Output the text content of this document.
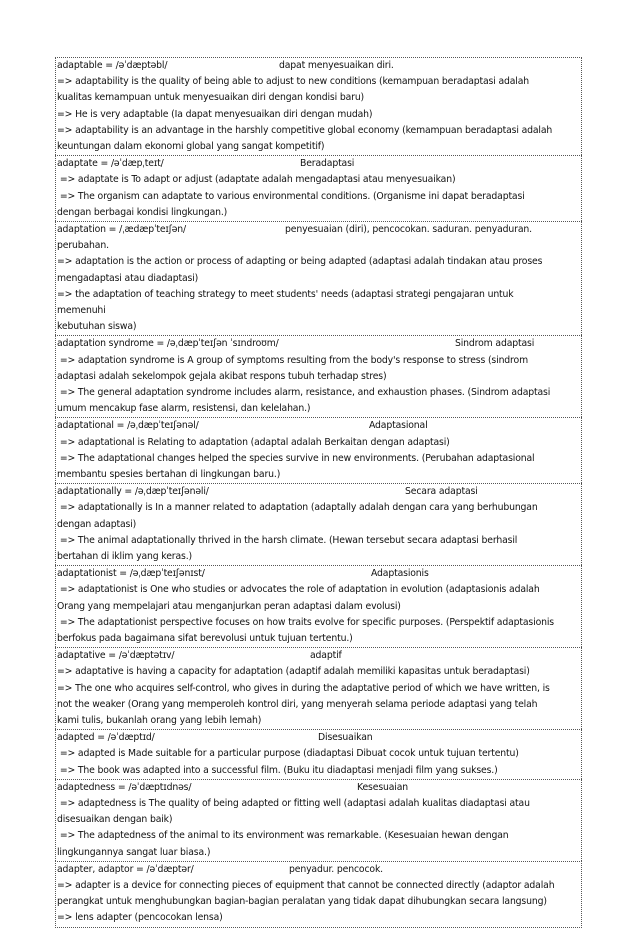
adaptable = /əˈdæptəbl/	dapat menyesuaikan diri.
=> adaptability is the quality of being able to adjust to new conditions (kemampuan beradaptasi adalah
kualitas kemampuan untuk menyesuaikan diri dengan kondisi baru)
=> He is very adaptable (Ia dapat menyesuaikan diri dengan mudah)
=> adaptability is an advantage in the harshly competitive global economy (kemampuan beradaptasi adalah
keuntungan dalam ekonomi global yang sangat kompetitif)
adaptate = /əˈdæpˌteɪt/	Beradaptasi
=> adaptate is To adapt or adjust (adaptate adalah mengadaptasi atau menyesuaikan)
=> The organism can adaptate to various environmental conditions. (Organisme ini dapat beradaptasi
dengan berbagai kondisi lingkungan.)
adaptation = /ˌædæpˈteɪʃən/	penyesuaian (diri), pencocokan. saduran. penyaduran.
perubahan.
=> adaptation is the action or process of adapting or being adapted (adaptasi adalah tindakan atau proses
mengadaptasi atau diadaptasi)
=> the adaptation of teaching strategy to meet students' needs (adaptasi strategi pengajaran untuk
memenuhi
kebutuhan siswa)
adaptation syndrome = /əˌdæpˈteɪʃən ˈsɪndroʊm/	Sindrom adaptasi
=> adaptation syndrome is A group of symptoms resulting from the body's response to stress (sindrom
adaptasi adalah sekelompok gejala akibat respons tubuh terhadap stres)
=> The general adaptation syndrome includes alarm, resistance, and exhaustion phases. (Sindrom adaptasi
umum mencakup fase alarm, resistensi, dan kelelahan.)
adaptational = /əˌdæpˈteɪʃənəl/	Adaptasional
=> adaptational is Relating to adaptation (adaptal adalah Berkaitan dengan adaptasi)
=> The adaptational changes helped the species survive in new environments. (Perubahan adaptasional
membantu spesies bertahan di lingkungan baru.)
adaptationally = /əˌdæpˈteɪʃənəli/	Secara adaptasi
=> adaptationally is In a manner related to adaptation (adaptally adalah dengan cara yang berhubungan
dengan adaptasi)
=> The animal adaptationally thrived in the harsh climate. (Hewan tersebut secara adaptasi berhasil
bertahan di iklim yang keras.)
adaptationist = /əˌdæpˈteɪʃənɪst/	Adaptasionis
=> adaptationist is One who studies or advocates the role of adaptation in evolution (adaptasionis adalah
Orang yang mempelajari atau menganjurkan peran adaptasi dalam evolusi)
=> The adaptationist perspective focuses on how traits evolve for specific purposes. (Perspektif adaptasionis
berfokus pada bagaimana sifat berevolusi untuk tujuan tertentu.)
adaptative = /əˈdæptətɪv/	adaptif
=> adaptative is having a capacity for adaptation (adaptif adalah memiliki kapasitas untuk beradaptasi)
=> The one who acquires self-control, who gives in during the adaptative period of which we have written, is
not the weaker (Orang yang memperoleh kontrol diri, yang menyerah selama periode adaptasi yang telah
kami tulis, bukanlah orang yang lebih lemah)
adapted = /əˈdæptɪd/	Disesuaikan
=> adapted is Made suitable for a particular purpose (diadaptasi Dibuat cocok untuk tujuan tertentu)
=> The book was adapted into a successful film. (Buku itu diadaptasi menjadi film yang sukses.)
adaptedness = /əˈdæptɪdnəs/	Kesesuaian
=> adaptedness is The quality of being adapted or fitting well (adaptasi adalah kualitas diadaptasi atau
disesuaikan dengan baik)
=> The adaptedness of the animal to its environment was remarkable. (Kesesuaian hewan dengan
lingkungannya sangat luar biasa.)
adapter, adaptor = /əˈdæptər/	penyadur. pencocok.
=> adapter is a device for connecting pieces of equipment that cannot be connected directly (adaptor adalah
perangkat untuk menghubungkan bagian-bagian peralatan yang tidak dapat dihubungkan secara langsung)
=> lens adapter (pencocokan lensa)
